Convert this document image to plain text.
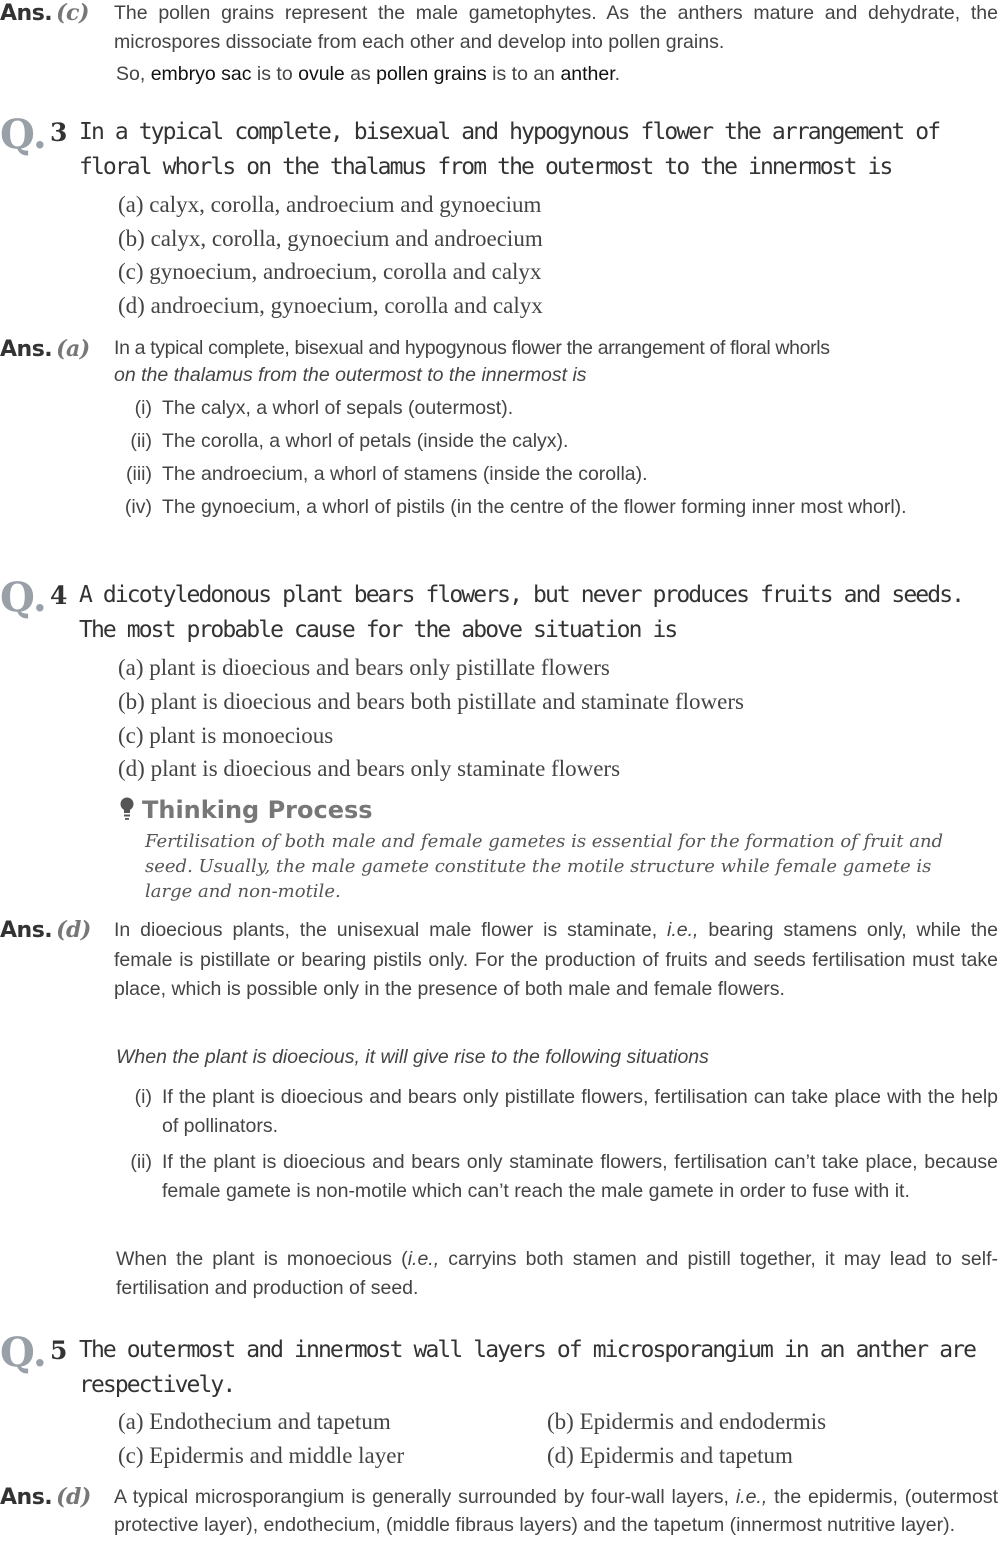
Ans. (c) The pollen grains represent the male gametophytes. As the anthers mature and dehydrate, the microspores dissociate from each other and develop into pollen grains.

So, embryo sac is to ovule as pollen grains is to an anther.

Q. 3 In a typical complete, bisexual and hypogynous flower the arrangement of floral whorls on the thalamus from the outermost to the innermost is

(a) calyx, corolla, androecium and gynoecium
(b) calyx, corolla, gynoecium and androecium
(c) gynoecium, androecium, corolla and calyx
(d) androecium, gynoecium, corolla and calyx
Ans. (a) In a typical complete, bisexual and hypogynous flower the arrangement of floral whorls

on the thalamus from the outermost to the innermost is

(i) The calyx, a whorl of sepals (outermost).
(ii) The corolla, a whorl of petals (inside the calyx).
(iii) The androecium, a whorl of stamens (inside the corolla).
(iv) The gynoecium, a whorl of pistils (in the centre of the flower forming inner most whorl).
Q. 4 A dicotyledonous plant bears flowers, but never produces fruits and seeds. The most probable cause for the above situation is

(a) plant is dioecious and bears only pistillate flowers
(b) plant is dioecious and bears both pistillate and staminate flowers
(c) plant is monoecious
(d) plant is dioecious and bears only staminate flowers
Thinking Process

Fertilisation of both male and female gametes is essential for the formation of fruit and seed. Usually, the male gamete constitute the motile structure while female gamete is large and non-motile.

Ans. (d) In dioecious plants, the unisexual male flower is staminate, i.e., bearing stamens only, while the female is pistillate or bearing pistils only. For the production of fruits and seeds fertilisation must take place, which is possible only in the presence of both male and female flowers.

When the plant is dioecious, it will give rise to the following situations

(i) If the plant is dioecious and bears only pistillate flowers, fertilisation can take place with the help of pollinators.
(ii) If the plant is dioecious and bears only staminate flowers, fertilisation can’t take place, because female gamete is non-motile which can’t reach the male gamete in order to fuse with it.

When the plant is monoecious (i.e., carryins both stamen and pistill together, it may lead to self-fertilisation and production of seed.

Q. 5 The outermost and innermost wall layers of microsporangium in an anther are respectively.

(a) Endothecium and tapetum	(b) Epidermis and endodermis
(c) Epidermis and middle layer	(d) Epidermis and tapetum
Ans. (d) A typical microsporangium is generally surrounded by four-wall layers, i.e., the epidermis, (outermost protective layer), endothecium, (middle fibraus layers) and the tapetum (innermost nutritive layer).
